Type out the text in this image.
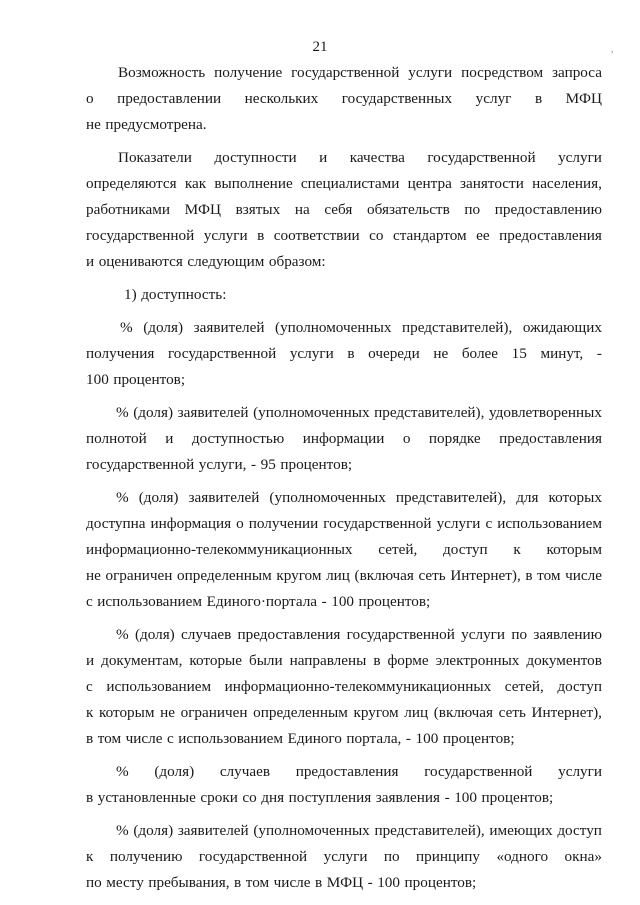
21	,
Возможность получение государственной услуги посредством запроса
о предоставлении нескольких государственных услуг в МФЦ
не предусмотрена.
Показатели доступности и качества государственной услуги
определяются как выполнение специалистами центра занятости населения,
работниками МФЦ взятых на себя обязательств по предоставлению
государственной услуги в соответствии со стандартом ее предоставления
и оцениваются следующим образом:
1) доступность:
% (доля) заявителей (уполномоченных представителей), ожидающих
получения государственной услуги в очереди не более 15 минут, -
100 процентов;
% (доля) заявителей (уполномоченных представителей), удовлетворенных
полнотой и доступностью информации о порядке предоставления
государственной услуги, - 95 процентов;
% (доля) заявителей (уполномоченных представителей), для которых
доступна информация о получении государственной услуги с использованием
информационно-телекоммуникационных сетей, доступ к которым
не ограничен определенным кругом лиц (включая сеть Интернет), в том числе
с использованием Единого·портала - 100 процентов;
% (доля) случаев предоставления государственной услуги по заявлению
и документам, которые были направлены в форме электронных документов
с использованием информационно-телекоммуникационных сетей, доступ
к которым не ограничен определенным кругом лиц (включая сеть Интернет),
в том числе с использованием Единого портала, - 100 процентов;
% (доля) случаев предоставления государственной услуги
в установленные сроки со дня поступления заявления - 100 процентов;
% (доля) заявителей (уполномоченных представителей), имеющих доступ
к получению государственной услуги по принципу «одного окна»
по месту пребывания, в том числе в МФЦ - 100 процентов;
